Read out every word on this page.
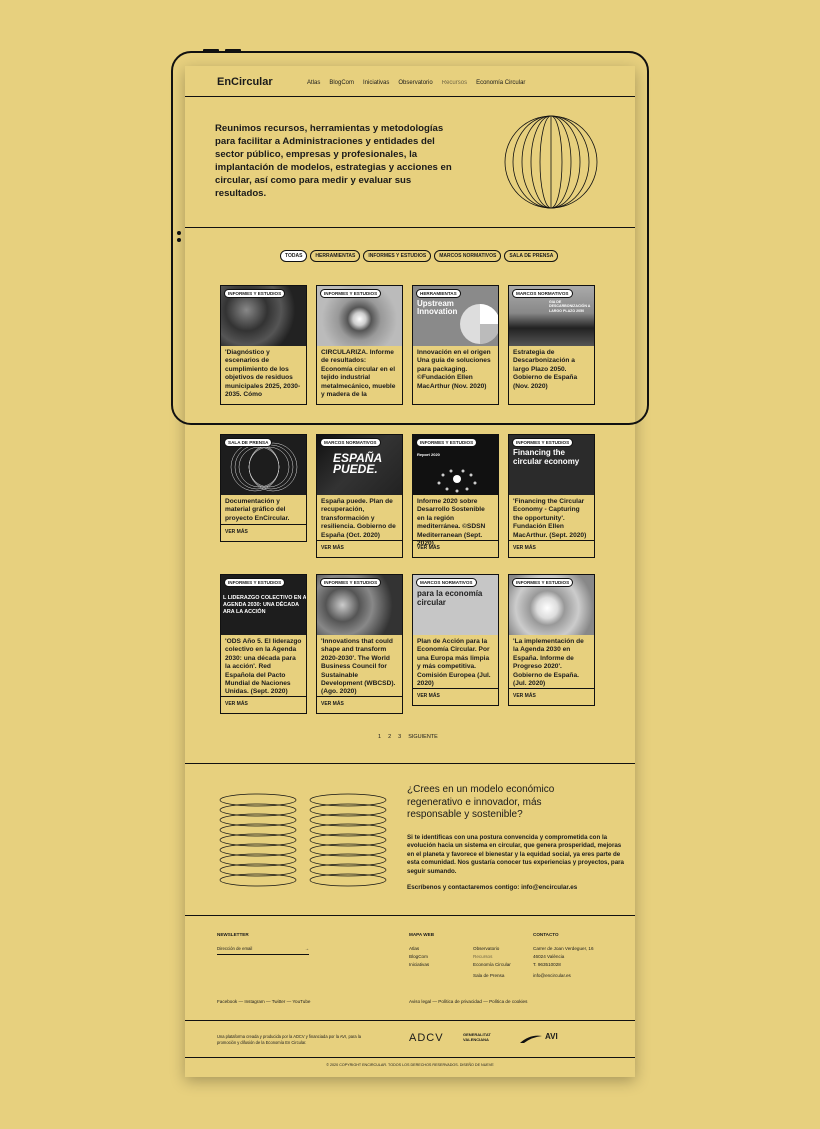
EnCircular	Atlas BlogCom Iniciativas Observatorio Recursos Economía Circular
Reunimos recursos, herramientas y metodologías para facilitar a Administraciones y entidades del sector público, empresas y profesionales, la implantación de modelos, estrategias y acciones en circular, así como para medir y evaluar sus resultados.
TODAS	HERRAMIENTAS	INFORMES Y ESTUDIOS	MARCOS NORMATIVOS	SALA DE PRENSA
INFORMES Y ESTUDIOS
'Diagnóstico y escenarios de cumplimiento de los objetivos de residuos municipales 2025, 2030-2035. Cómo
INFORMES Y ESTUDIOS
CIRCULARIZA. Informe de resultados: Economía circular en el tejido industrial metalmecánico, mueble y madera de la
HERRAMIENTAS
Upstream Innovation
Innovación en el origen Una guía de soluciones para packaging. ©Fundación Ellen MacArthur (Nov. 2020)
MARCOS NORMATIVOS
GIA DE DESCARBONIZACIÓN A LARGO PLAZO 2050
Estrategia de Descarbonización a largo Plazo 2050. Gobierno de España (Nov. 2020)
SALA DE PRENSA
Documentación y material gráfico del proyecto EnCircular.
VER MÁS
MARCOS NORMATIVOS
ESPAÑA PUEDE.
España puede. Plan de recuperación, transformación y resiliencia. Gobierno de España (Oct. 2020)
VER MÁS
INFORMES Y ESTUDIOS
Report 2020
Informe 2020 sobre Desarrollo Sostenible en la región mediterránea. ©SDSN Mediterranean (Sept. 2020)
VER MÁS
INFORMES Y ESTUDIOS
Financing the circular economy
'Financing the Circular Economy - Capturing the opportunity'. Fundación Ellen MacArthur. (Sept. 2020)
VER MÁS
INFORMES Y ESTUDIOS
L LIDERAZGO COLECTIVO EN A AGENDA 2030: UNA DÉCADA ARA LA ACCIÓN
'ODS Año 5. El liderazgo colectivo en la Agenda 2030: una década para la acción'. Red Española del Pacto Mundial de Naciones Unidas. (Sept. 2020)
VER MÁS
INFORMES Y ESTUDIOS
'Innovations that could shape and transform 2020-2030'. The World Business Council for Sustainable Development (WBCSD). (Ago. 2020)
VER MÁS
MARCOS NORMATIVOS
para la economía circular
Plan de Acción para la Economía Circular. Por una Europa más limpia y más competitiva. Comisión Europea (Jul. 2020)
VER MÁS
INFORMES Y ESTUDIOS
'La implementación de la Agenda 2030 en España. Informe de Progreso 2020'. Gobierno de España. (Jul. 2020)
VER MÁS
1 2 3 SIGUIENTE
¿Crees en un modelo económico regenerativo e innovador, más responsable y sostenible?
Si te identificas con una postura convencida y comprometida con la evolución hacia un sistema en circular, que genera prosperidad, mejoras en el planeta y favorece el bienestar y la equidad social, ya eres parte de esta comunidad. Nos gustaría conocer tus experiencias y proyectos, para seguir sumando.
Escríbenos y contactaremos contigo: info@encircular.es
NEWSLETTER
Dirección de email	→
MAPA WEB
Atlas
BlogCom
Iniciativas
Observatorio
Recursos
Economía Circular
Sala de Prensa
CONTACTO
Carrer de Joan Verdeguer, 16
46024 València
T. 963510028
info@encircular.es
Facebook — Instagram — Twitter — YouTube	Aviso legal — Política de privacidad — Política de cookies
Una plataforma creada y producida por la ADCV y financiada por la AVI, para la promoción y difusión de la Economía En Circular.	ADCV	GENERALITAT VALENCIANA	AVI
© 2020 COPYRIGHT ENCIRCULAR. TODOS LOS DERECHOS RESERVADOS. DISEÑO DE NUEVE
